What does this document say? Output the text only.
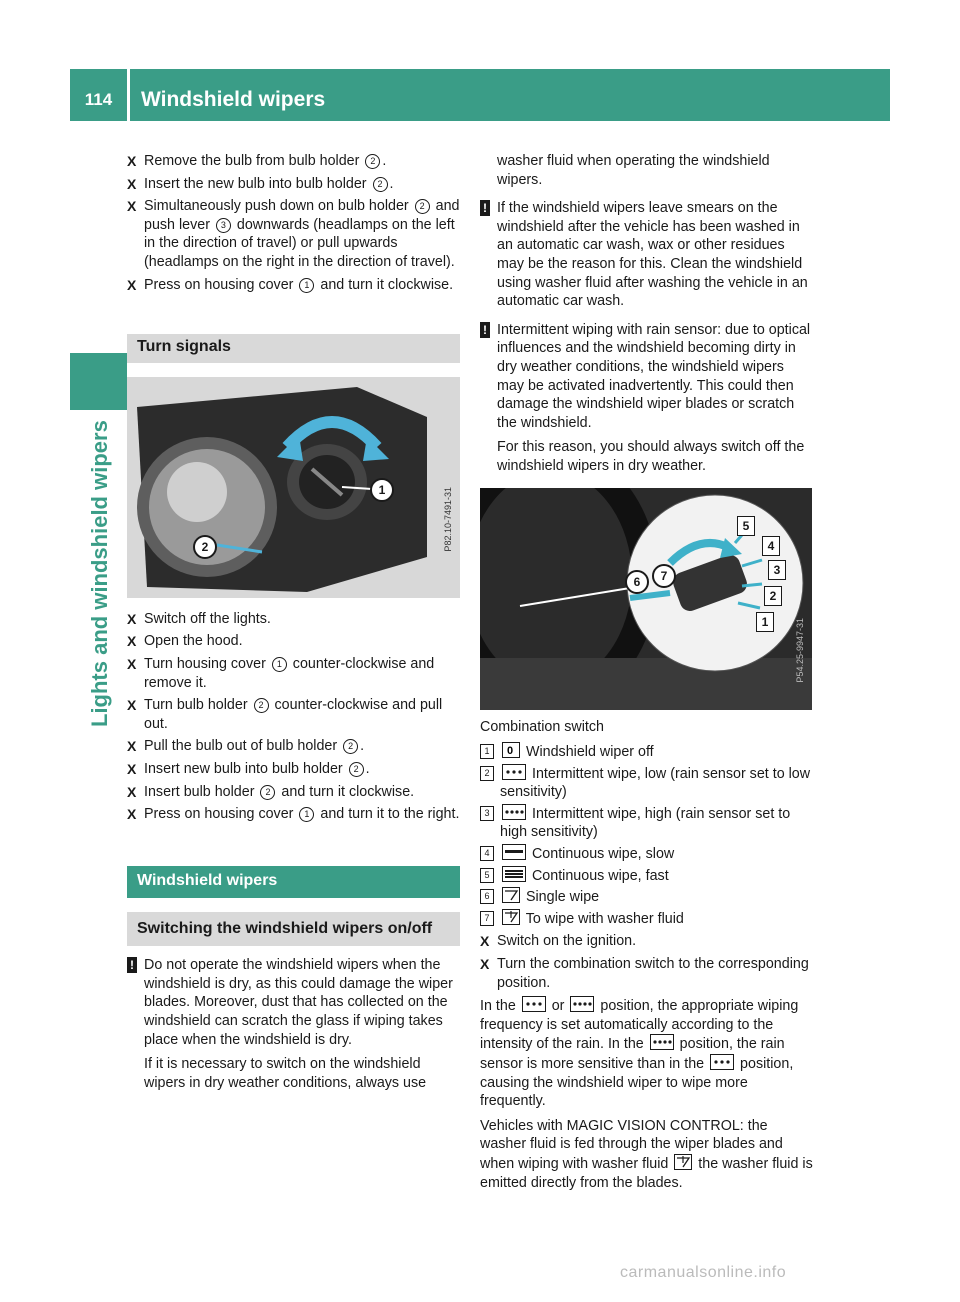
114	Windshield wipers
Lights and windshield wipers
X Remove the bulb from bulb holder 2 .
X Insert the new bulb into bulb holder 2 .
X Simultaneously push down on bulb holder 2 and push lever 3 downwards (headlamps on the left in the direction of travel) or pull upwards (headlamps on the right in the direction of travel).
X Press on housing cover 1 and turn it clockwise.
Turn signals
1
2	P82.10-7491-31
X Switch off the lights.
X Open the hood.
X Turn housing cover 1 counter-clockwise and remove it.
X Turn bulb holder 2 counter-clockwise and pull out.
X Pull the bulb out of bulb holder 2 .
X Insert new bulb into bulb holder 2 .
X Insert bulb holder 2 and turn it clockwise.
X Press on housing cover 1 and turn it to the right.
Windshield wipers
Switching the windshield wipers on/off
! Do not operate the windshield wipers when the windshield is dry, as this could damage the wiper blades. Moreover, dust that has collected on the windshield can scratch the glass if wiping takes place when the windshield is dry.
If it is necessary to switch on the windshield wipers in dry weather conditions, always use
washer fluid when operating the windshield wipers.
! If the windshield wipers leave smears on the windshield after the vehicle has been washed in an automatic car wash, wax or other residues may be the reason for this. Clean the windshield using washer fluid after washing the vehicle in an automatic car wash.
! Intermittent wiping with rain sensor: due to optical influences and the windshield becoming dirty in dry weather conditions, the windshield wipers may be activated inadvertently. This could then damage the windshield wiper blades or scratch the windshield.
For this reason, you should always switch off the windshield wipers in dry weather.
6	7
5
4
3
2
1	P54.25-9947-31
Combination switch
1	0 Windshield wiper off
2	Intermittent wipe, low (rain sensor set to low sensitivity)
3	Intermittent wipe, high (rain sensor set to high sensitivity)
4	Continuous wipe, slow
5	Continuous wipe, fast
6	Single wipe
7	To wipe with washer fluid
X Switch on the ignition.
X Turn the combination switch to the corresponding position.
In the
or
position, the appropriate wiping frequency is set automatically according to the intensity of the rain. In the
position, the rain sensor is more sensitive than in the
position, causing the windshield wiper to wipe more frequently.
Vehicles with MAGIC VISION CONTROL: the washer fluid is fed through the wiper blades and when wiping with washer fluid
the washer fluid is emitted directly from the blades.
carmanualsonline.info
